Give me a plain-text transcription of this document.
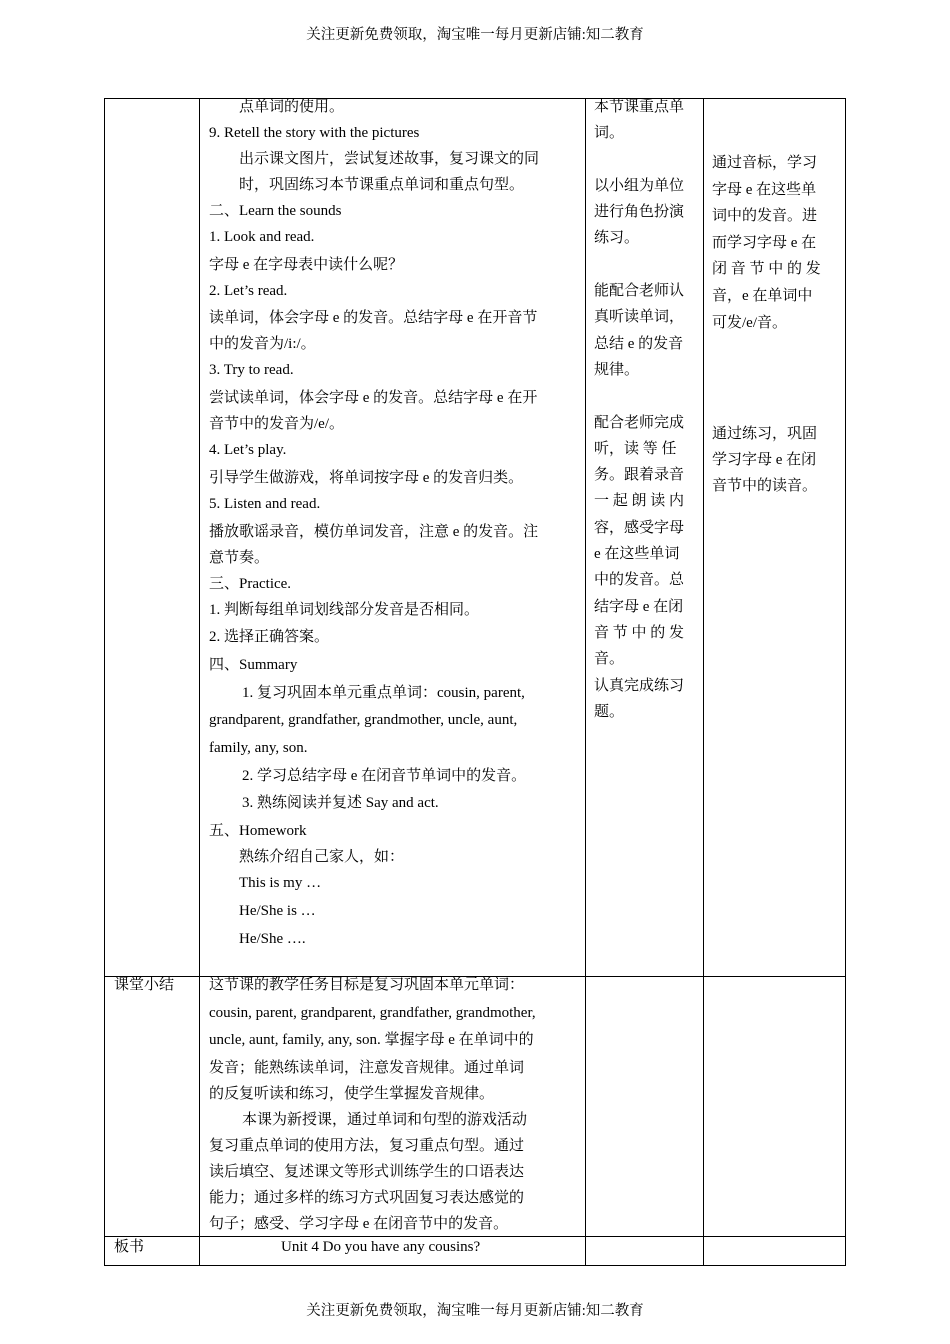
关注更新免费领取，淘宝唯一每月更新店铺:知二教育
关注更新免费领取，淘宝唯一每月更新店铺:知二教育

点单词的使用。

9. Retell the story with the pictures

出示课文图片，尝试复述故事，复习课文的同

时，巩固练习本节课重点单词和重点句型。

二、Learn the sounds

1. Look and read.

字母 e 在字母表中读什么呢？

2. Let’s read.

读单词，体会字母 e 的发音。总结字母 e 在开音节

中的发音为/i:/。

3. Try to read.

尝试读单词，体会字母 e 的发音。总结字母 e 在开

音节中的发音为/e/。

4. Let’s play.

引导学生做游戏，将单词按字母 e 的发音归类。

5. Listen and read.

播放歌谣录音，模仿单词发音，注意 e 的发音。注

意节奏。

三、Practice.

1. 判断每组单词划线部分发音是否相同。

2. 选择正确答案。

四、Summary

1. 复习巩固本单元重点单词：cousin, parent,

grandparent, grandfather, grandmother, uncle, aunt,

family, any, son.

2. 学习总结字母 e 在闭音节单词中的发音。

3. 熟练阅读并复述 Say and act.

五、Homework

熟练介绍自己家人，如：

This is my …

He/She is …

He/She ….

本节课重点单

词。

以小组为单位

进行角色扮演

练习。

能配合老师认

真听读单词，

总结 e 的发音

规律。

配合老师完成

听，读 等 任

务。跟着录音

一 起 朗 读 内

容，感受字母

e 在这些单词

中的发音。总

结字母 e 在闭

音 节 中 的 发

音。

认真完成练习

题。

通过音标，学习

字母 e 在这些单

词中的发音。进

而学习字母 e 在

闭 音 节 中 的 发

音，e 在单词中

可发/e/音。

通过练习，巩固

学习字母 e 在闭

音节中的读音。

课堂小结 这节课的教学任务目标是复习巩固本单元单词：

cousin, parent, grandparent, grandfather, grandmother,

uncle, aunt, family, any, son. 掌握字母 e 在单词中的

发音；能熟练读单词，注意发音规律。通过单词

的反复听读和练习，使学生掌握发音规律。

本课为新授课，通过单词和句型的游戏活动

复习重点单词的使用方法，复习重点句型。通过

读后填空、复述课文等形式训练学生的口语表达

能力；通过多样的练习方式巩固复习表达感觉的

句子；感受、学习字母 e 在闭音节中的发音。

板书	Unit 4 Do you have any cousins?
